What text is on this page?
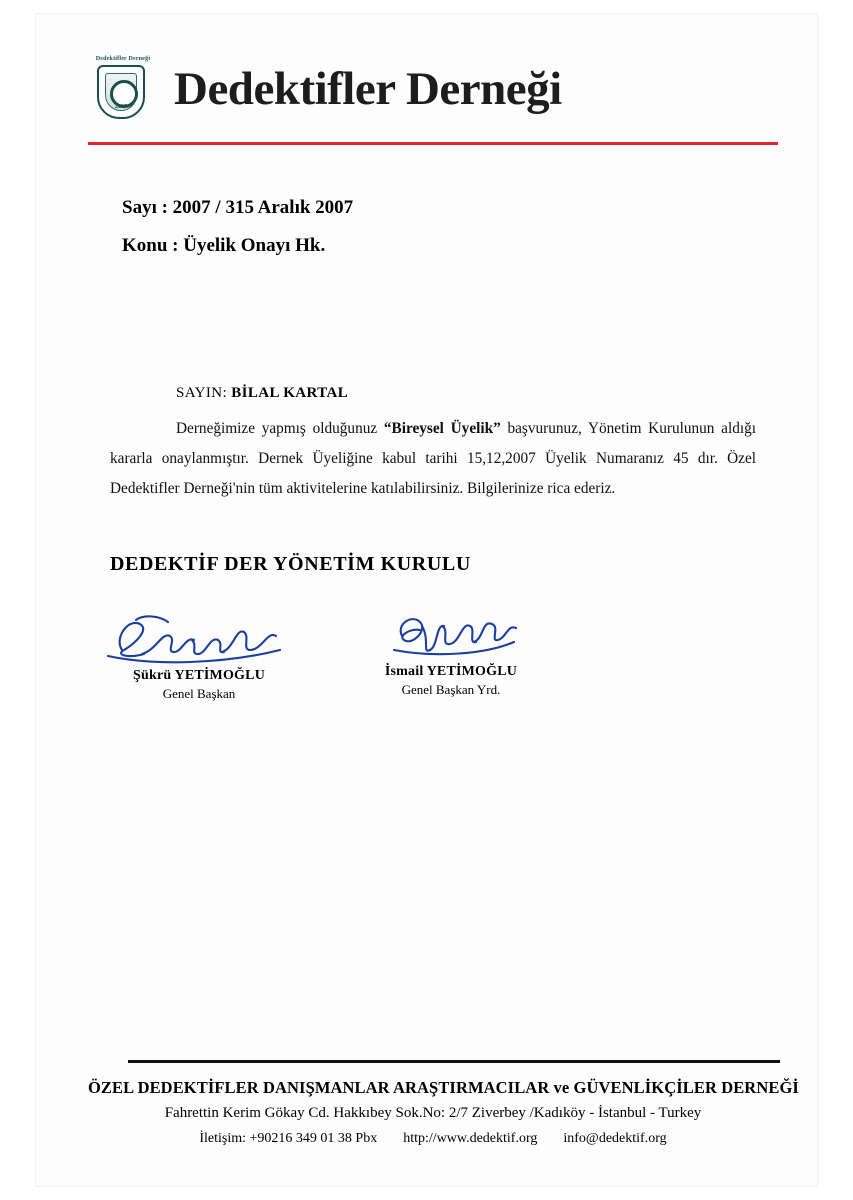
Dedektifler Derneği
2007	Dedektifler Derneği
Sayı : 2007 / 315 Aralık 2007
Konu : Üyelik Onayı Hk.
SAYIN: BİLAL KARTAL
Derneğimize yapmış olduğunuz “Bireysel Üyelik” başvurunuz, Yönetim Kurulunun aldığı kararla onaylanmıştır. Dernek Üyeliğine kabul tarihi 15,12,2007 Üyelik Numaranız 45 dır. Özel Dedektifler Derneği'nin tüm aktivitelerine katılabilirsiniz. Bilgilerinize rica ederiz.
DEDEKTİF DER YÖNETİM KURULU
Şükrü YETİMOĞLU
Genel Başkan
İsmail YETİMOĞLU
Genel Başkan Yrd.
ÖZEL DEDEKTİFLER DANIŞMANLAR ARAŞTIRMACILAR ve GÜVENLİKÇİLER DERNEĞİ
Fahrettin Kerim Gökay Cd. Hakkıbey Sok.No: 2/7 Ziverbey /Kadıköy - İstanbul - Turkey
İletişim: +90216 349 01 38 Pbx http://www.dedektif.org info@dedektif.org
